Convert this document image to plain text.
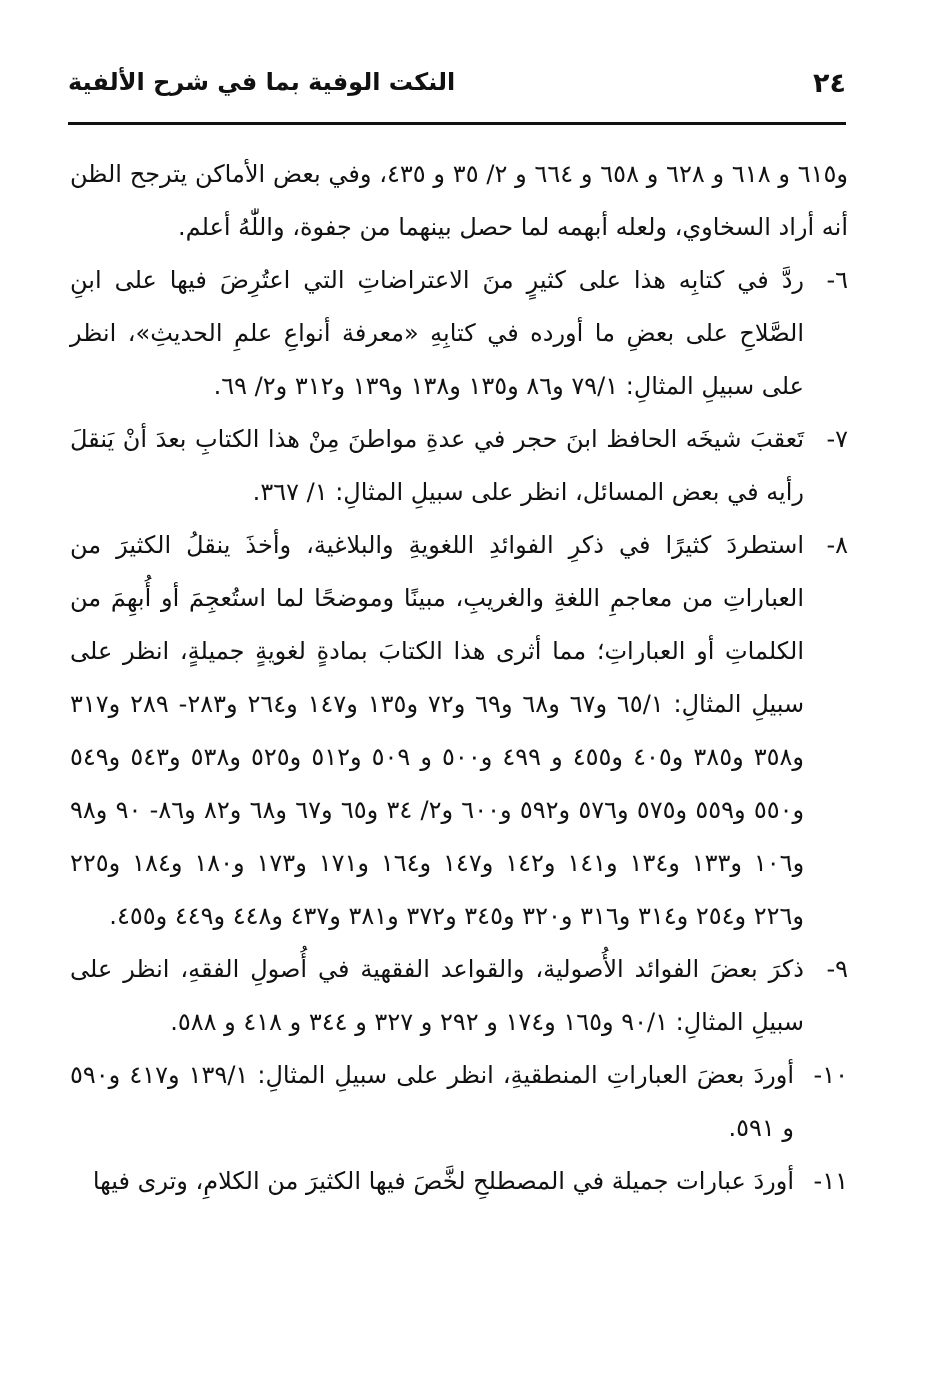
٢٤
النكت الوفية بما في شرح الألفية

و٦١٥ و ٦١٨ و ٦٢٨ و ٦٥٨ و ٦٦٤ و ٢/ ٣٥ و ٤٣٥، وفي بعض الأماكن يترجح الظن أنه أراد السخاوي، ولعله أبهمه لما حصل بينهما من جفوة، واللّٰهُ أعلم.

٦-
ردَّ في كتابِه هذا على كثيرٍ منَ الاعتراضاتِ التي اعتُرِضَ فيها على ابنِ الصَّلاحِ على بعضِ ما أورده في كتابِهِ «معرفة أنواعِ علمِ الحديثِ»، انظر على سبيلِ المثالِ: ٧٩/١ و٨٦ و١٣٥ و١٣٨ و١٣٩ و٣١٢ و٢/ ٦٩.
٧-
تَعقبَ شيخَه الحافظ ابنَ حجر في عدةِ مواطنَ مِنْ هذا الكتابِ بعدَ أنْ يَنقلَ رأيه في بعض المسائل، انظر على سبيلِ المثالِ: ١/ ٣٦٧.
٨-
استطردَ كثيرًا في ذكرِ الفوائدِ اللغويةِ والبلاغية، وأخذَ ينقلُ الكثيرَ من العباراتِ من معاجمِ اللغةِ والغريبِ، مبينًا وموضحًا لما استُعجِمَ أو أُبهِمَ من الكلماتِ أو العباراتِ؛ مما أثرى هذا الكتابَ بمادةٍ لغويةٍ جميلةٍ، انظر على سبيلِ المثالِ: ٦٥/١ و٦٧ و٦٨ و٦٩ و٧٢ و١٣٥ و١٤٧ و٢٦٤ و٢٨٣- ٢٨٩ و٣١٧ و٣٥٨ و٣٨٥ و٤٠٥ و٤٥٥ و ٤٩٩ و٥٠٠ و ٥٠٩ و٥١٢ و٥٢٥ و٥٣٨ و٥٤٣ و٥٤٩ و٥٥٠ و٥٥٩ و٥٧٥ و٥٧٦ و٥٩٢ و٦٠٠ و٢/ ٣٤ و٦٥ و٦٧ و٦٨ و٨٢ و٨٦- ٩٠ و٩٨ و١٠٦ و١٣٣ و١٣٤ و١٤١ و١٤٢ و١٤٧ و١٦٤ و١٧١ و١٧٣ و١٨٠ و١٨٤ و٢٢٥ و٢٢٦ و٢٥٤ و٣١٤ و٣١٦ و٣٢٠ و٣٤٥ و٣٧٢ و٣٨١ و٤٣٧ و٤٤٨ و٤٤٩ و٤٥٥.
٩-
ذكرَ بعضَ الفوائد الأُصولية، والقواعد الفقهية في أُصولِ الفقهِ، انظر على سبيلِ المثالِ: ٩٠/١ و١٦٥ و١٧٤ و ٢٩٢ و ٣٢٧ و ٣٤٤ و ٤١٨ و ٥٨٨.
١٠-
أوردَ بعضَ العباراتِ المنطقيةِ، انظر على سبيلِ المثالِ: ١٣٩/١ و٤١٧ و٥٩٠ و ٥٩١.
١١-
أوردَ عبارات جميلة في المصطلحِ لخَّصَ فيها الكثيرَ من الكلامِ، وترى فيها
